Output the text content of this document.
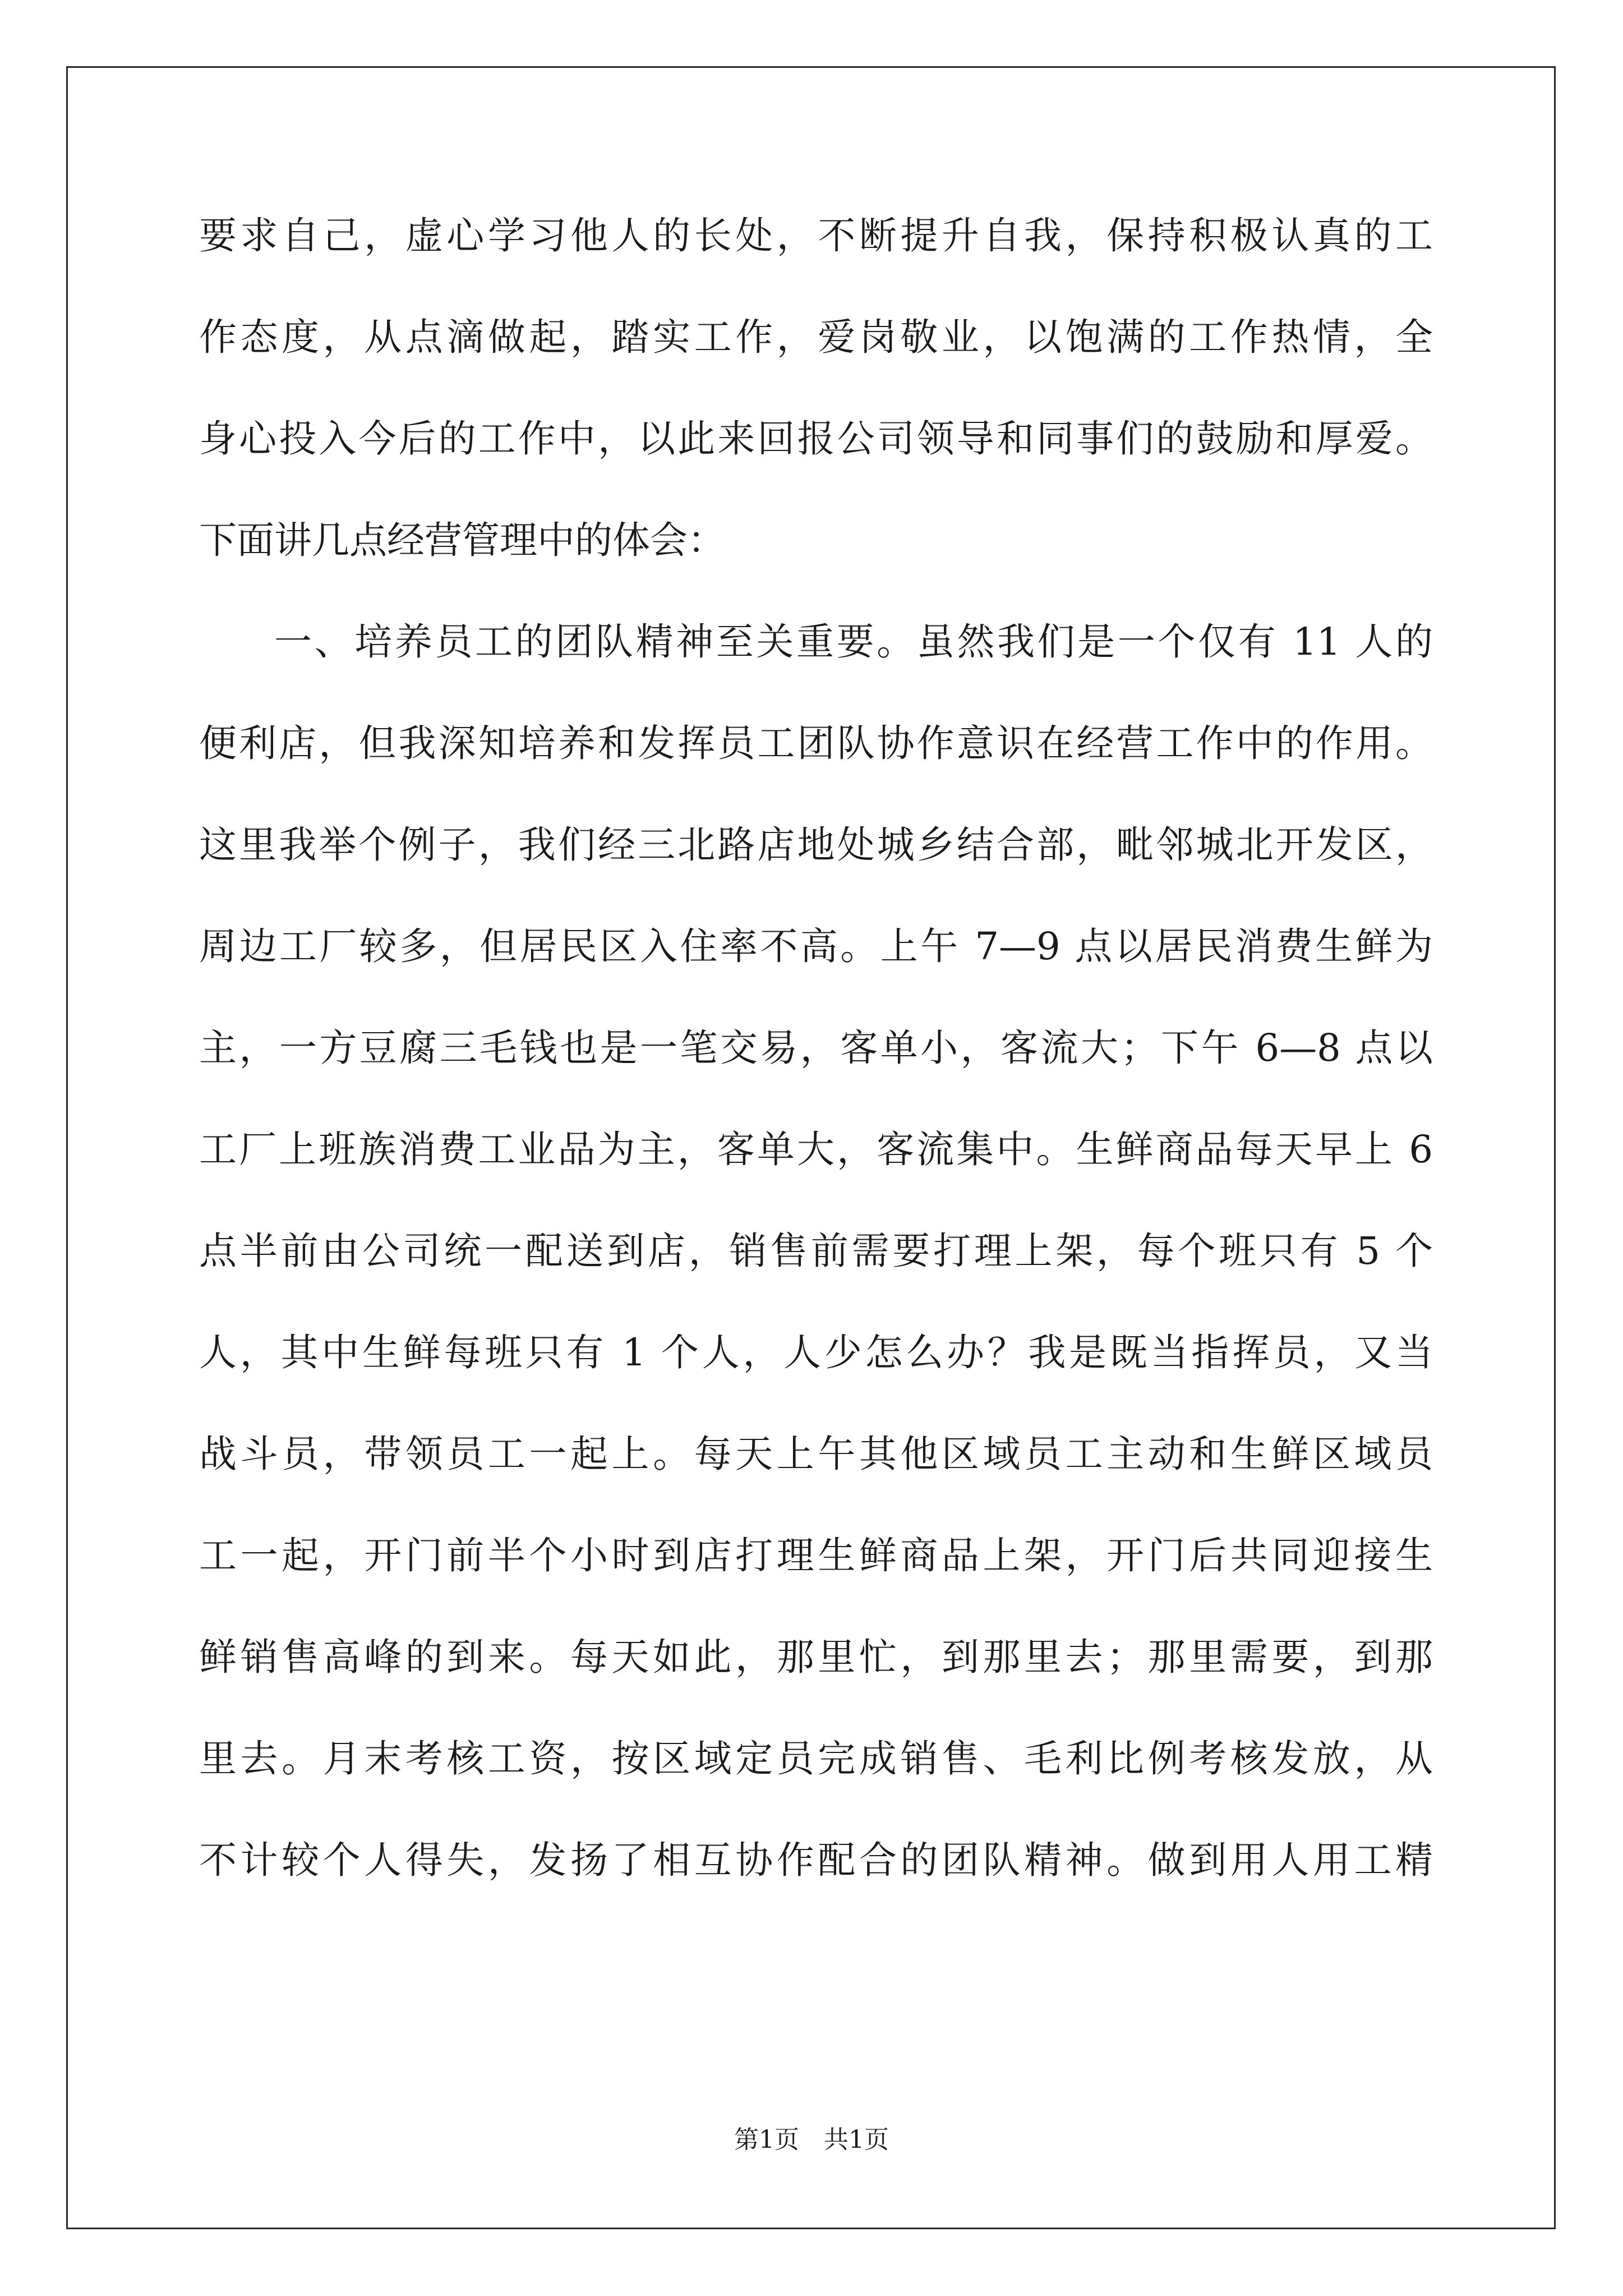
要求自己，虚心学习他人的长处，不断提升自我，保持积极认真的工
作态度，从点滴做起，踏实工作，爱岗敬业，以饱满的工作热情，全
身心投入今后的工作中，以此来回报公司领导和同事们的鼓励和厚爱。
下面讲几点经营管理中的体会：
一、培养员工的团队精神至关重要。虽然我们是一个仅有 11 人的
便利店，但我深知培养和发挥员工团队协作意识在经营工作中的作用。
这里我举个例子，我们经三北路店地处城乡结合部，毗邻城北开发区，
周边工厂较多，但居民区入住率不高。上午 7—9 点以居民消费生鲜为
主，一方豆腐三毛钱也是一笔交易，客单小，客流大；下午 6—8 点以
工厂上班族消费工业品为主，客单大，客流集中。生鲜商品每天早上 6
点半前由公司统一配送到店，销售前需要打理上架，每个班只有 5 个
人，其中生鲜每班只有 1 个人，人少怎么办？我是既当指挥员，又当
战斗员，带领员工一起上。每天上午其他区域员工主动和生鲜区域员
工一起，开门前半个小时到店打理生鲜商品上架，开门后共同迎接生
鲜销售高峰的到来。每天如此，那里忙，到那里去；那里需要，到那
里去。月末考核工资，按区域定员完成销售、毛利比例考核发放，从
不计较个人得失，发扬了相互协作配合的团队精神。做到用人用工精
第1页　共1页
